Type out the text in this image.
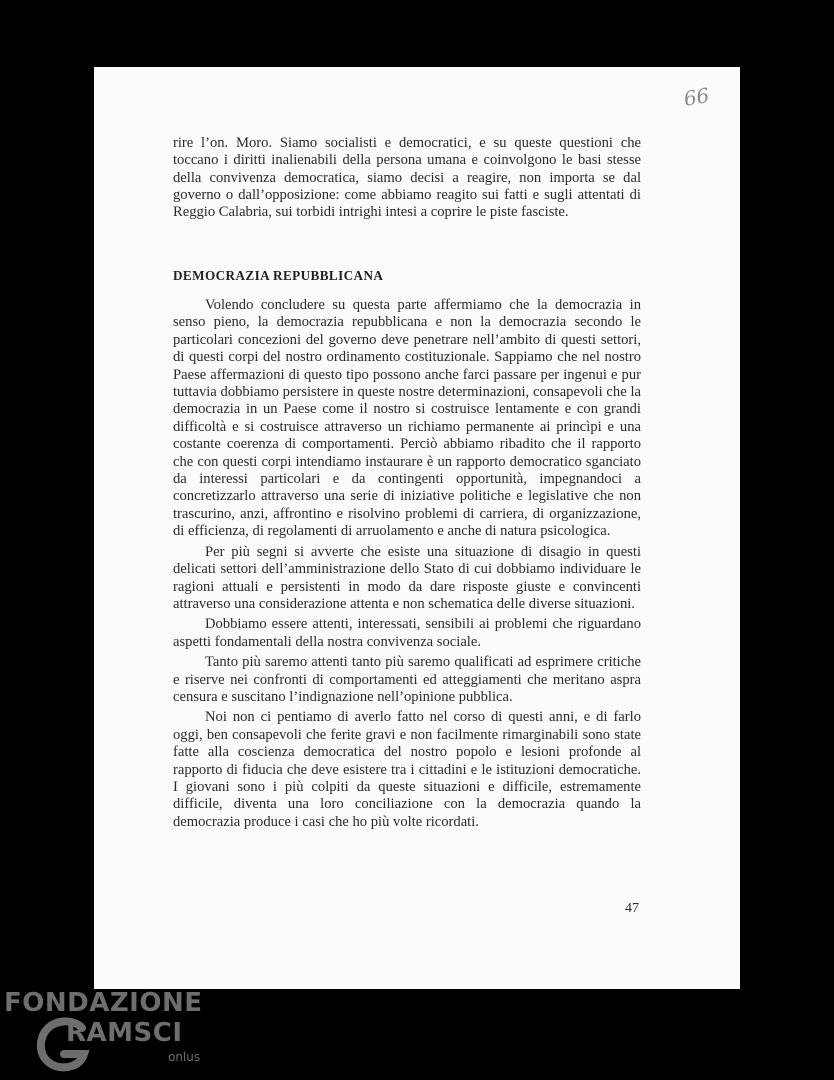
66
rire l’on. Moro. Siamo socialisti e democratici, e su queste questioni che toccano i diritti inalienabili della persona umana e coinvolgono le basi stesse della convivenza democratica, siamo decisi a reagire, non importa se dal governo o dall’opposizione: come abbiamo reagito sui fatti e sugli attentati di Reggio Calabria, sui torbidi intrighi intesi a coprire le piste fasciste.
DEMOCRAZIA REPUBBLICANA

Volendo concludere su questa parte affermiamo che la democrazia in senso pieno, la democrazia repubblicana e non la democrazia secondo le particolari concezioni del governo deve penetrare nell’ambito di questi settori, di questi corpi del nostro ordinamento costituzionale. Sappiamo che nel nostro Paese affermazioni di questo tipo possono anche farci passare per ingenui e pur tuttavia dobbiamo persistere in queste nostre determinazioni, consapevoli che la democrazia in un Paese come il nostro si costruisce lentamente e con grandi difficoltà e si costruisce attraverso un richiamo permanente ai princìpi e una costante coerenza di comportamenti. Perciò abbiamo ribadito che il rapporto che con questi corpi intendiamo instaurare è un rapporto democratico sganciato da interessi particolari e da contingenti opportunità, impegnandoci a concretizzarlo attraverso una serie di iniziative politiche e legislative che non trascurino, anzi, affrontino e risolvino problemi di carriera, di organizzazione, di efficienza, di regolamenti di arruolamento e anche di natura psicologica.

Per più segni si avverte che esiste una situazione di disagio in questi delicati settori dell’amministrazione dello Stato di cui dobbiamo individuare le ragioni attuali e persistenti in modo da dare risposte giuste e convincenti attraverso una considerazione attenta e non schematica delle diverse situazioni.

Dobbiamo essere attenti, interessati, sensibili ai problemi che riguardano aspetti fondamentali della nostra convivenza sociale.

Tanto più saremo attenti tanto più saremo qualificati ad esprimere critiche e riserve nei confronti di comportamenti ed atteggiamenti che meritano aspra censura e suscitano l’indignazione nell’opinione pubblica.

Noi non ci pentiamo di averlo fatto nel corso di questi anni, e di farlo oggi, ben consapevoli che ferite gravi e non facilmente rimarginabili sono state fatte alla coscienza democratica del nostro popolo e lesioni profonde al rapporto di fiducia che deve esistere tra i cittadini e le istituzioni democratiche. I giovani sono i più colpiti da queste situazioni e difficile, estremamente difficile, diventa una loro conciliazione con la democrazia quando la democrazia produce i casi che ho più volte ricordati.

47
FONDAZIONE
RAMSCI
onlus
